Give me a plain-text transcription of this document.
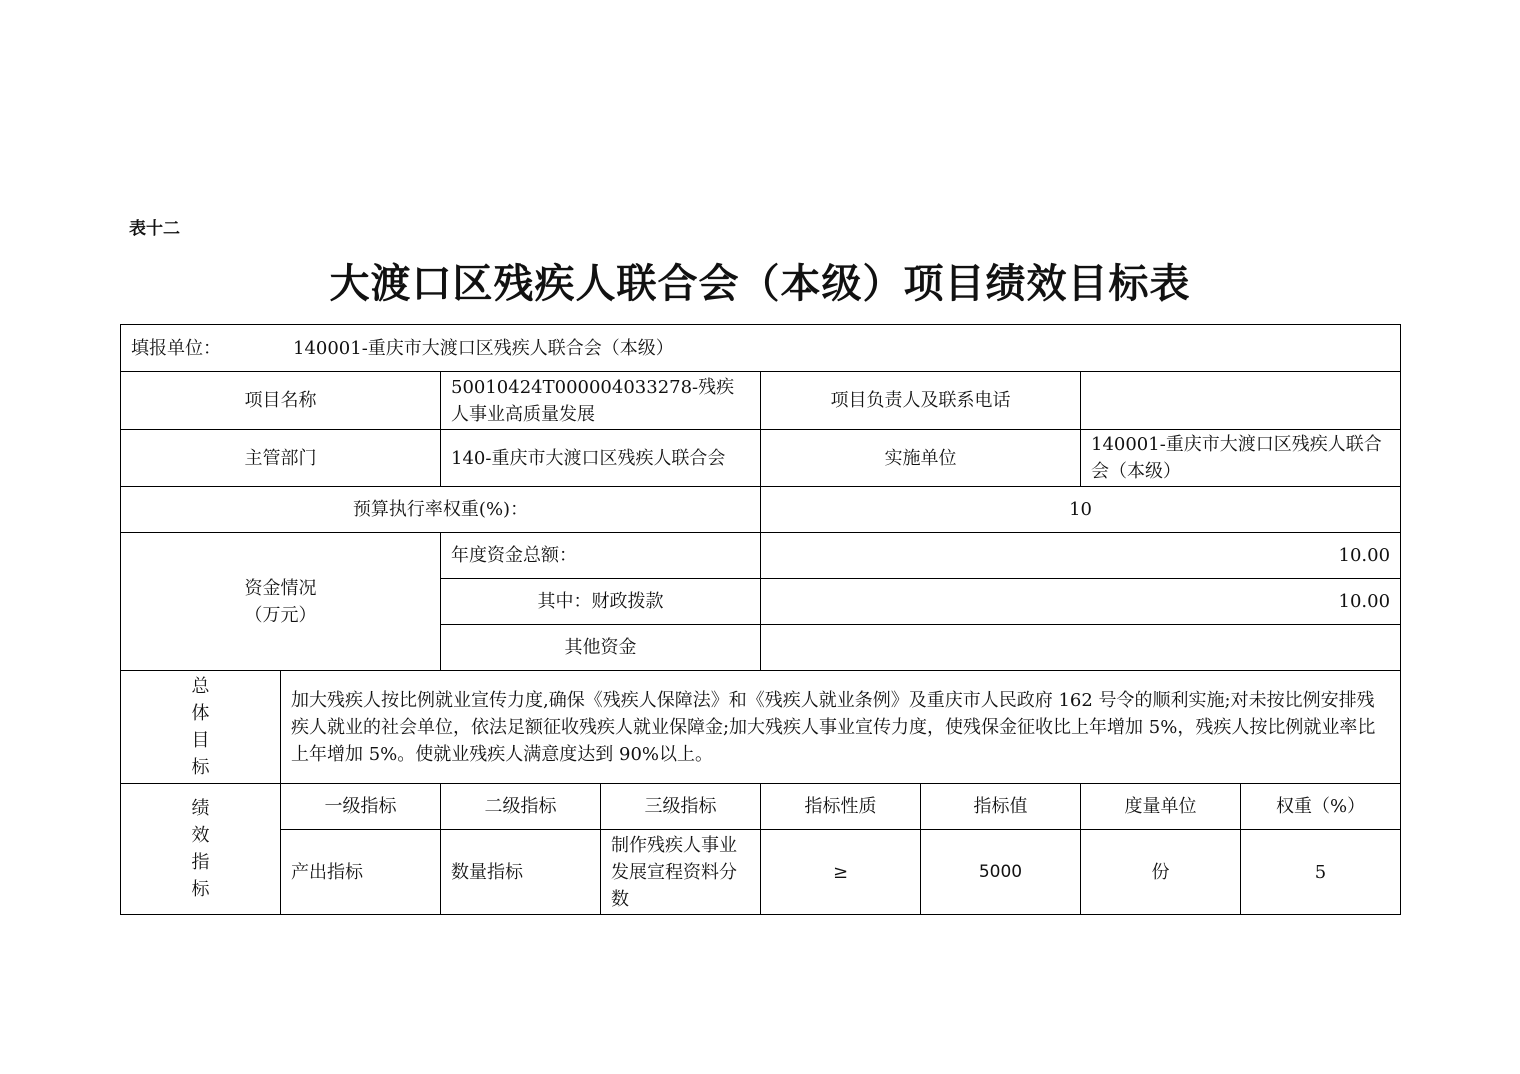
表十二
大渡口区残疾人联合会（本级）项目绩效目标表
填报单位： 140001-重庆市大渡口区残疾人联合会（本级）							
项目名称		50010424T000004033278-残疾人事业高质量发展		项目负责人及联系电话			
主管部门		140-重庆市大渡口区残疾人联合会		实施单位		140001-重庆市大渡口区残疾人联合会（本级）	
预算执行率权重(%)：				10			

资金情况
（万元）		年度资金总额：		10.00			
		其中：财政拨款		10.00			
		其他资金					

总
体
目
标	加大残疾人按比例就业宣传力度,确保《残疾人保障法》和《残疾人就业条例》及重庆市人民政府 162 号令的顺利实施;对未按比例安排残疾人就业的社会单位，依法足额征收残疾人就业保障金;加大残疾人事业宣传力度，使残保金征收比上年增加 5%，残疾人按比例就业率比上年增加 5%。使就业残疾人满意度达到 90%以上。						

绩
效
指
标	一级指标	二级指标	三级指标	指标性质	指标值	度量单位	权重（%）
	产出指标	数量指标	制作残疾人事业发展宣程资料分数	≥	5000	份	5
